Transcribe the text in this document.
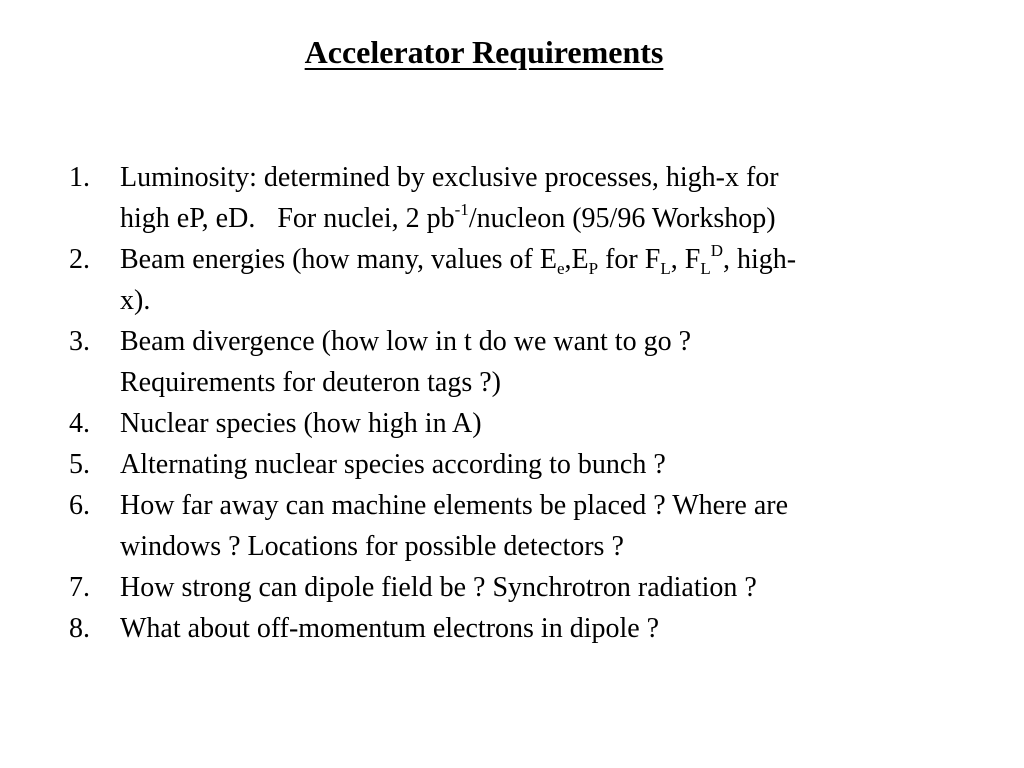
Accelerator Requirements
1. Luminosity: determined by exclusive processes, high-x for
high eP, eD. For nuclei, 2 $pb^{-1}$/nucleon (95/96 Workshop)
2. Beam energies (how many, values of $E_e,E_P$ for $F_L$, $F_L^D$, high-
x).
3. Beam divergence (how low in t do we want to go ?
Requirements for deuteron tags ?)
4. Nuclear species (how high in A)
5. Alternating nuclear species according to bunch ?
6. How far away can machine elements be placed ? Where are
windows ? Locations for possible detectors ?
7. How strong can dipole field be ? Synchrotron radiation ?
8. What about off-momentum electrons in dipole ?
